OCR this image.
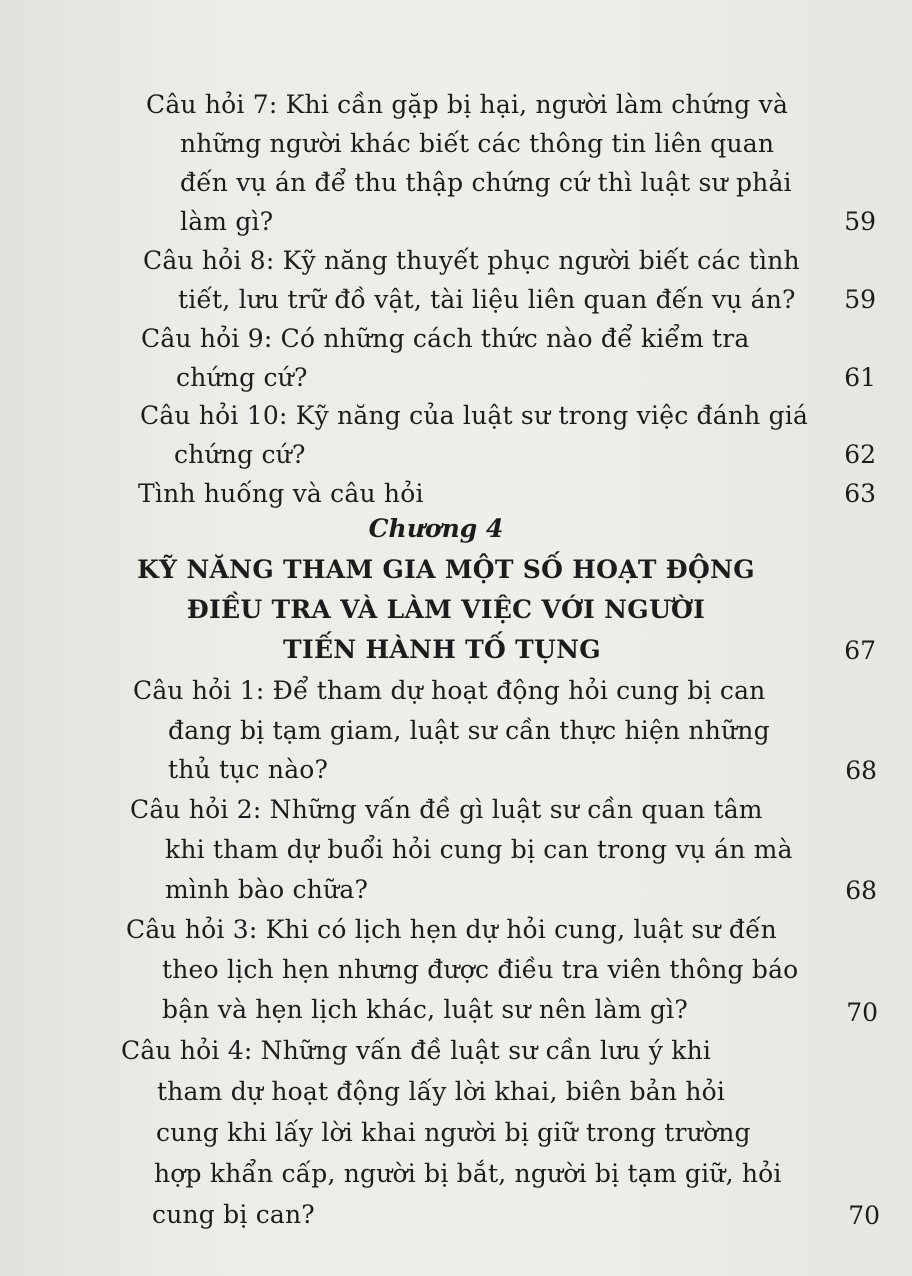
Câu hỏi 7: Khi cần gặp bị hại, người làm chứng và
những người khác biết các thông tin liên quan
đến vụ án để thu thập chứng cứ thì luật sư phải
làm gì?	59
Câu hỏi 8: Kỹ năng thuyết phục người biết các tình
tiết, lưu trữ đồ vật, tài liệu liên quan đến vụ án?	59
Câu hỏi 9: Có những cách thức nào để kiểm tra
chứng cứ?	61
Câu hỏi 10: Kỹ năng của luật sư trong việc đánh giá
chứng cứ?	62
Tình huống và câu hỏi	63
Chương 4
KỸ NĂNG THAM GIA MỘT SỐ HOẠT ĐỘNG
ĐIỀU TRA VÀ LÀM VIỆC VỚI NGƯỜI
TIẾN HÀNH TỐ TỤNG	67
Câu hỏi 1: Để tham dự hoạt động hỏi cung bị can
đang bị tạm giam, luật sư cần thực hiện những
thủ tục nào?	68
Câu hỏi 2: Những vấn đề gì luật sư cần quan tâm
khi tham dự buổi hỏi cung bị can trong vụ án mà
mình bào chữa?	68
Câu hỏi 3: Khi có lịch hẹn dự hỏi cung, luật sư đến
theo lịch hẹn nhưng được điều tra viên thông báo
bận và hẹn lịch khác, luật sư nên làm gì?	70
Câu hỏi 4: Những vấn đề luật sư cần lưu ý khi
tham dự hoạt động lấy lời khai, biên bản hỏi
cung khi lấy lời khai người bị giữ trong trường
hợp khẩn cấp, người bị bắt, người bị tạm giữ, hỏi
cung bị can?	70
